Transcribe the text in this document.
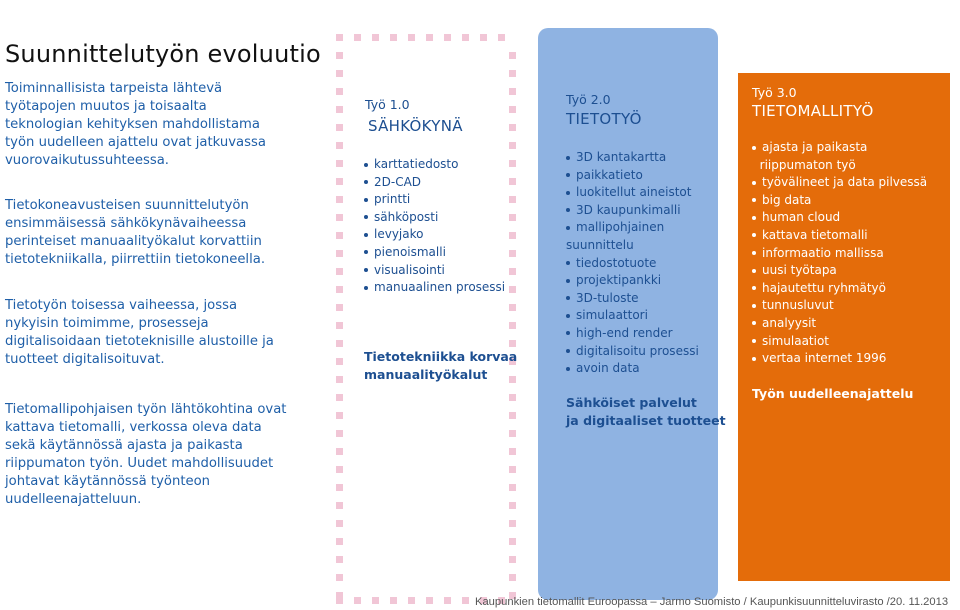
Suunnittelutyön evoluutio
Toiminnallisista tarpeista lähtevä
työtapojen muutos ja toisaalta
teknologian kehityksen mahdollistama
työn uudelleen ajattelu ovat jatkuvassa
vuorovaikutussuhteessa.
Tietokoneavusteisen suunnittelutyön
ensimmäisessä sähkökynävaiheessa
perinteiset manuaalityökalut korvattiin
tietotekniikalla, piirrettiin tietokoneella.
Tietotyön toisessa vaiheessa, jossa
nykyisin toimimme, prosesseja
digitalisoidaan tietoteknisille alustoille ja
tuotteet digitalisoituvat.
Tietomallipohjaisen työn lähtökohtina ovat
kattava tietomalli, verkossa oleva data
sekä käytännössä ajasta ja paikasta
riippumaton työn. Uudet mahdollisuudet
johtavat käytännössä työnteon
uudelleenajatteluun.
Työ 1.0
SÄHKÖKYNÄ
karttatiedosto
2D-CAD
printti
sähköposti
levyjako
pienoismalli
visualisointi
manuaalinen prosessi
Tietotekniikka korvaa
manuaalityökalut
Työ 2.0
TIETOTYÖ
3D kantakartta
paikkatieto
luokitellut aineistot
3D kaupunkimalli
mallipohjainen
suunnittelu
tiedostotuote
projektipankki
3D-tuloste
simulaattori
high-end render
digitalisoitu prosessi
avoin data
Sähköiset palvelut
ja digitaaliset tuotteet
Työ 3.0
TIETOMALLITYÖ
ajasta ja paikasta
riippumaton työ
työvälineet ja data pilvessä
big data
human cloud
kattava tietomalli
informaatio mallissa
uusi työtapa
hajautettu ryhmätyö
tunnusluvut
analyysit
simulaatiot
vertaa internet 1996
Työn uudelleenajattelu
Kaupunkien tietomallit Euroopassa – Jarmo Suomisto / Kaupunkisuunnitteluvirasto /20. 11.2013
